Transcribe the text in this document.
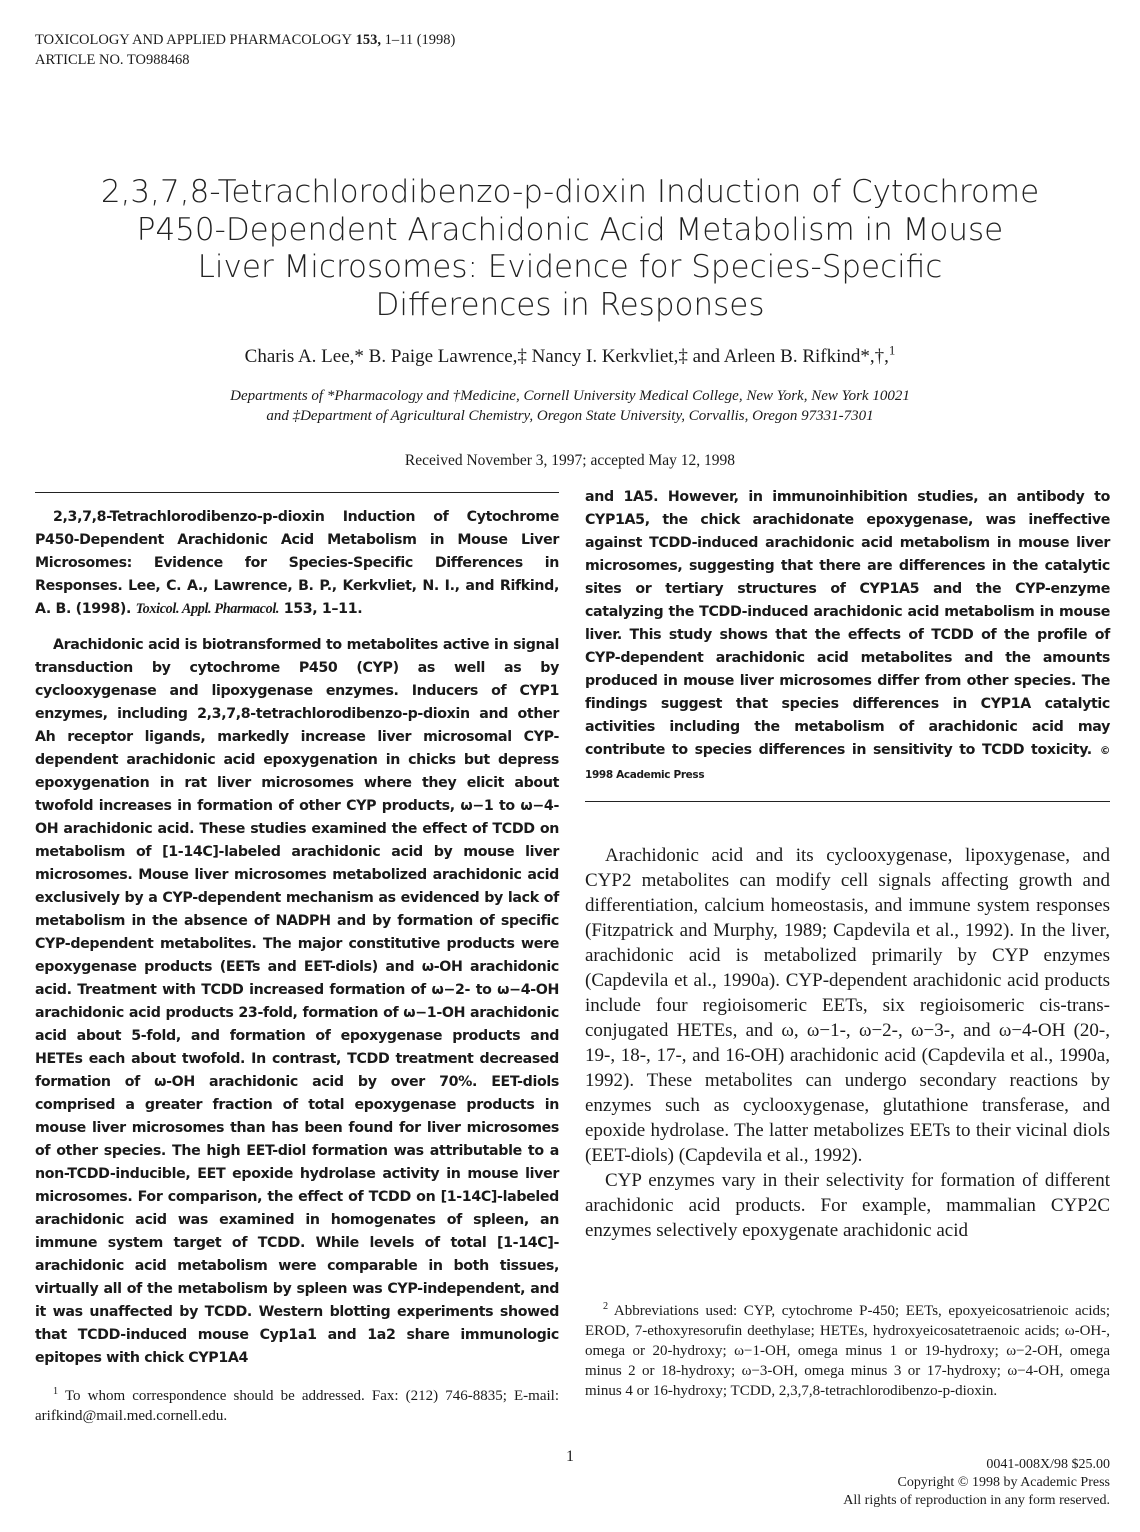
TOXICOLOGY AND APPLIED PHARMACOLOGY 153, 1–11 (1998)
ARTICLE NO. TO988468
2,3,7,8-Tetrachlorodibenzo-p-dioxin Induction of Cytochrome
P450-Dependent Arachidonic Acid Metabolism in Mouse
Liver Microsomes: Evidence for Species-Specific
Differences in Responses
Charis A. Lee,* B. Paige Lawrence,‡ Nancy I. Kerkvliet,‡ and Arleen B. Rifkind*,†,$^1$
Departments of *Pharmacology and †Medicine, Cornell University Medical College, New York, New York 10021
and ‡Department of Agricultural Chemistry, Oregon State University, Corvallis, Oregon 97331-7301
Received November 3, 1997; accepted May 12, 1998

2,3,7,8-Tetrachlorodibenzo-p-dioxin Induction of Cytochrome P450-Dependent Arachidonic Acid Metabolism in Mouse Liver Microsomes: Evidence for Species-Specific Differences in Responses. Lee, C. A., Lawrence, B. P., Kerkvliet, N. I., and Rifkind, A. B. (1998). Toxicol. Appl. Pharmacol. 153, 1–11.

Arachidonic acid is biotransformed to metabolites active in signal transduction by cytochrome P450 (CYP) as well as by cyclooxygenase and lipoxygenase enzymes. Inducers of CYP1 enzymes, including 2,3,7,8-tetrachlorodibenzo-p-dioxin and other Ah receptor ligands, markedly increase liver microsomal CYP-dependent arachidonic acid epoxygenation in chicks but depress epoxygenation in rat liver microsomes where they elicit about twofold increases in formation of other CYP products, ω−1 to ω−4-OH arachidonic acid. These studies examined the effect of TCDD on metabolism of [1-14C]-labeled arachidonic acid by mouse liver microsomes. Mouse liver microsomes metabolized arachidonic acid exclusively by a CYP-dependent mechanism as evidenced by lack of metabolism in the absence of NADPH and by formation of specific CYP-dependent metabolites. The major constitutive products were epoxygenase products (EETs and EET-diols) and ω-OH arachidonic acid. Treatment with TCDD increased formation of ω−2- to ω−4-OH arachidonic acid products 23-fold, formation of ω−1-OH arachidonic acid about 5-fold, and formation of epoxygenase products and HETEs each about twofold. In contrast, TCDD treatment decreased formation of ω-OH arachidonic acid by over 70%. EET-diols comprised a greater fraction of total epoxygenase products in mouse liver microsomes than has been found for liver microsomes of other species. The high EET-diol formation was attributable to a non-TCDD-inducible, EET epoxide hydrolase activity in mouse liver microsomes. For comparison, the effect of TCDD on [1-14C]-labeled arachidonic acid was examined in homogenates of spleen, an immune system target of TCDD. While levels of total [1-14C]-arachidonic acid metabolism were comparable in both tissues, virtually all of the metabolism by spleen was CYP-independent, and it was unaffected by TCDD. Western blotting experiments showed that TCDD-induced mouse Cyp1a1 and 1a2 share immunologic epitopes with chick CYP1A4

and 1A5. However, in immunoinhibition studies, an antibody to CYP1A5, the chick arachidonate epoxygenase, was ineffective against TCDD-induced arachidonic acid metabolism in mouse liver microsomes, suggesting that there are differences in the catalytic sites or tertiary structures of CYP1A5 and the CYP-enzyme catalyzing the TCDD-induced arachidonic acid metabolism in mouse liver. This study shows that the effects of TCDD of the profile of CYP-dependent arachidonic acid metabolites and the amounts produced in mouse liver microsomes differ from other species. The findings suggest that species differences in CYP1A catalytic activities including the metabolism of arachidonic acid may contribute to species differences in sensitivity to TCDD toxicity. © 1998 Academic Press

Arachidonic acid and its cyclooxygenase, lipoxygenase, and CYP2 metabolites can modify cell signals affecting growth and differentiation, calcium homeostasis, and immune system responses (Fitzpatrick and Murphy, 1989; Capdevila et al., 1992). In the liver, arachidonic acid is metabolized primarily by CYP enzymes (Capdevila et al., 1990a). CYP-dependent arachidonic acid products include four regioisomeric EETs, six regioisomeric cis-trans-conjugated HETEs, and ω, ω−1-, ω−2-, ω−3-, and ω−4-OH (20-, 19-, 18-, 17-, and 16-OH) arachidonic acid (Capdevila et al., 1990a, 1992). These metabolites can undergo secondary reactions by enzymes such as cyclooxygenase, glutathione transferase, and epoxide hydrolase. The latter metabolizes EETs to their vicinal diols (EET-diols) (Capdevila et al., 1992).

CYP enzymes vary in their selectivity for formation of different arachidonic acid products. For example, mammalian CYP2C enzymes selectively epoxygenate arachidonic acid

$^1$ To whom correspondence should be addressed. Fax: (212) 746-8835; E-mail: arifkind@mail.med.cornell.edu.

$^2$ Abbreviations used: CYP, cytochrome P-450; EETs, epoxyeicosatrienoic acids; EROD, 7-ethoxyresorufin deethylase; HETEs, hydroxyeicosatetraenoic acids; ω-OH-, omega or 20-hydroxy; ω−1-OH, omega minus 1 or 19-hydroxy; ω−2-OH, omega minus 2 or 18-hydroxy; ω−3-OH, omega minus 3 or 17-hydroxy; ω−4-OH, omega minus 4 or 16-hydroxy; TCDD, 2,3,7,8-tetrachlorodibenzo-p-dioxin.

1	0041-008X/98 $25.00
Copyright © 1998 by Academic Press
All rights of reproduction in any form reserved.
